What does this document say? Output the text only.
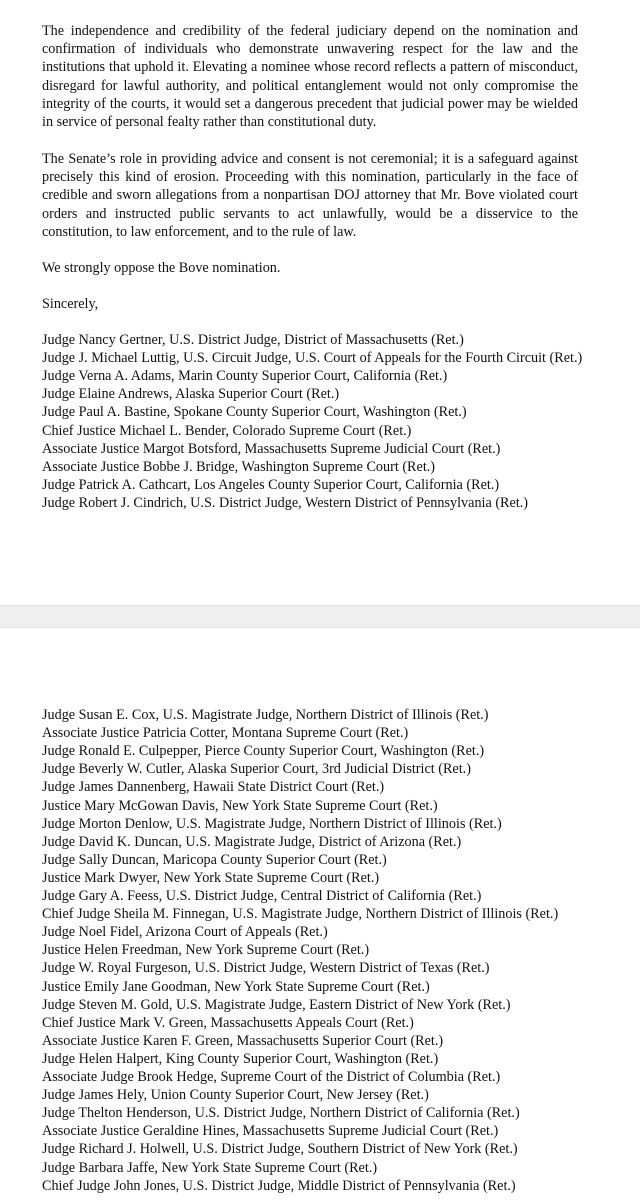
The independence and credibility of the federal judiciary depend on the nomination and confirmation of individuals who demonstrate unwavering respect for the law and the institutions that uphold it. Elevating a nominee whose record reflects a pattern of misconduct, disregard for lawful authority, and political entanglement would not only compromise the integrity of the courts, it would set a dangerous precedent that judicial power may be wielded in service of personal fealty rather than constitutional duty.

The Senate’s role in providing advice and consent is not ceremonial; it is a safeguard against precisely this kind of erosion. Proceeding with this nomination, particularly in the face of credible and sworn allegations from a nonpartisan DOJ attorney that Mr. Bove violated court orders and instructed public servants to act unlawfully, would be a disservice to the constitution, to law enforcement, and to the rule of law.

We strongly oppose the Bove nomination.

Sincerely,

Judge Nancy Gertner, U.S. District Judge, District of Massachusetts (Ret.)
Judge J. Michael Luttig, U.S. Circuit Judge, U.S. Court of Appeals for the Fourth Circuit (Ret.)
Judge Verna A. Adams, Marin County Superior Court, California (Ret.)
Judge Elaine Andrews, Alaska Superior Court (Ret.)
Judge Paul A. Bastine, Spokane County Superior Court, Washington (Ret.)
Chief Justice Michael L. Bender, Colorado Supreme Court (Ret.)
Associate Justice Margot Botsford, Massachusetts Supreme Judicial Court (Ret.)
Associate Justice Bobbe J. Bridge, Washington Supreme Court (Ret.)
Judge Patrick A. Cathcart, Los Angeles County Superior Court, California (Ret.)
Judge Robert J. Cindrich, U.S. District Judge, Western District of Pennsylvania (Ret.)
Judge Susan E. Cox, U.S. Magistrate Judge, Northern District of Illinois (Ret.)
Associate Justice Patricia Cotter, Montana Supreme Court (Ret.)
Judge Ronald E. Culpepper, Pierce County Superior Court, Washington (Ret.)
Judge Beverly W. Cutler, Alaska Superior Court, 3rd Judicial District (Ret.)
Judge James Dannenberg, Hawaii State District Court (Ret.)
Justice Mary McGowan Davis, New York State Supreme Court (Ret.)
Judge Morton Denlow, U.S. Magistrate Judge, Northern District of Illinois (Ret.)
Judge David K. Duncan, U.S. Magistrate Judge, District of Arizona (Ret.)
Judge Sally Duncan, Maricopa County Superior Court (Ret.)
Justice Mark Dwyer, New York State Supreme Court (Ret.)
Judge Gary A. Feess, U.S. District Judge, Central District of California (Ret.)
Chief Judge Sheila M. Finnegan, U.S. Magistrate Judge, Northern District of Illinois (Ret.)
Judge Noel Fidel, Arizona Court of Appeals (Ret.)
Justice Helen Freedman, New York Supreme Court (Ret.)
Judge W. Royal Furgeson, U.S. District Judge, Western District of Texas (Ret.)
Justice Emily Jane Goodman, New York State Supreme Court (Ret.)
Judge Steven M. Gold, U.S. Magistrate Judge, Eastern District of New York (Ret.)
Chief Justice Mark V. Green, Massachusetts Appeals Court (Ret.)
Associate Justice Karen F. Green, Massachusetts Superior Court (Ret.)
Judge Helen Halpert, King County Superior Court, Washington (Ret.)
Associate Judge Brook Hedge, Supreme Court of the District of Columbia (Ret.)
Judge James Hely, Union County Superior Court, New Jersey (Ret.)
Judge Thelton Henderson, U.S. District Judge, Northern District of California (Ret.)
Associate Justice Geraldine Hines, Massachusetts Supreme Judicial Court (Ret.)
Judge Richard J. Holwell, U.S. District Judge, Southern District of New York (Ret.)
Judge Barbara Jaffe, New York State Supreme Court (Ret.)
Chief Judge John Jones, U.S. District Judge, Middle District of Pennsylvania (Ret.)
